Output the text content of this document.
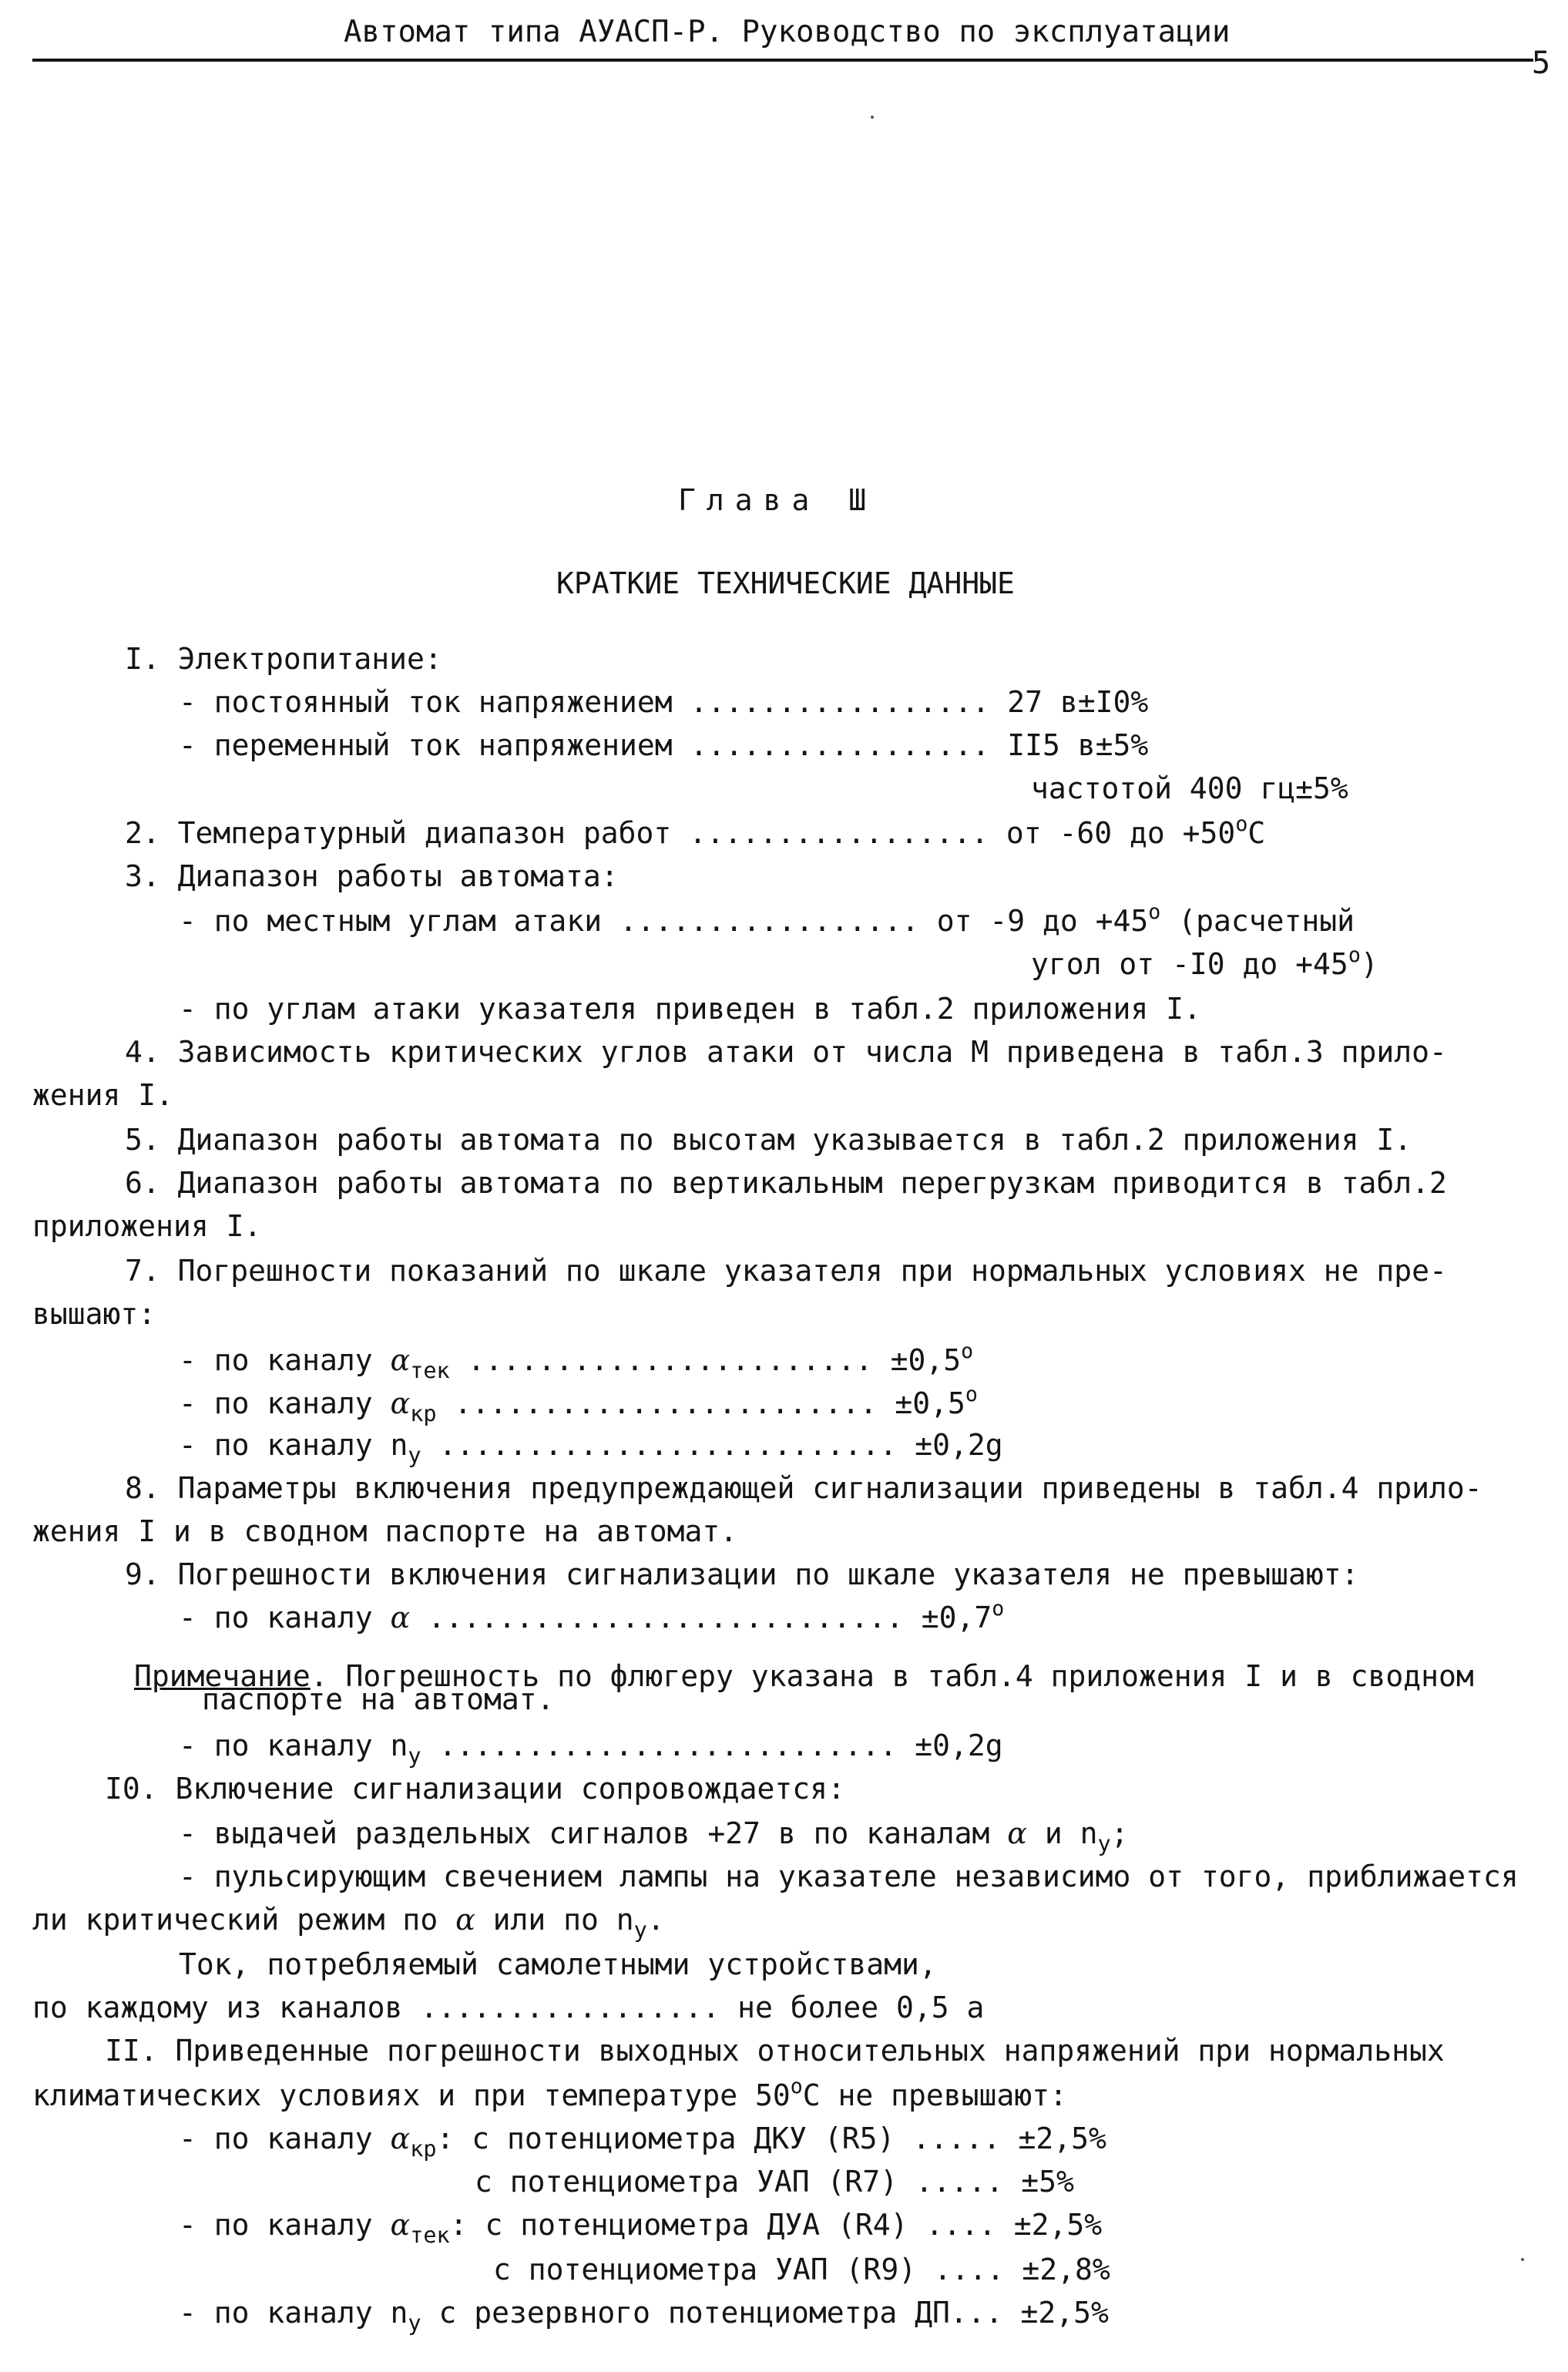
Автомат типа АУАСП-Р. Руководство по эксплуатации
5
Глава Ш
КРАТКИЕ ТЕХНИЧЕСКИЕ ДАННЫЕ
I. Электропитание:
- постоянный ток напряжением ................. 27 в±I0%
- переменный ток напряжением ................. II5 в±5%
частотой 400 гц±5%
2. Температурный диапазон работ ................. от -60 до $+50^oС$
3. Диапазон работы автомата:
- по местным углам атаки ................. от -9 до $+45^o$ (расчетный
угол от -I0 до $+45^o$)
- по углам атаки указателя приведен в табл.2 приложения I.
4. Зависимость критических углов атаки от числа М приведена в табл.3 прило-
жения I.
5. Диапазон работы автомата по высотам указывается в табл.2 приложения I.
6. Диапазон работы автомата по вертикальным перегрузкам приводится в табл.2
приложения I.
7. Погрешности показаний по шкале указателя при нормальных условиях не пре-
вышают:
- по каналу $\alpha_{тек}$ ....................... $\pm 0,5^o$
- по каналу $\alpha_{кр}$ ........................ $\pm 0,5^o$
- по каналу $n_у$ .......................... ±0,2g
8. Параметры включения предупреждающей сигнализации приведены в табл.4 прило-
жения I и в сводном паспорте на автомат.
9. Погрешности включения сигнализации по шкале указателя не превышают:
- по каналу α ........................... $\pm 0,7^o$
Примечание. Погрешность по флюгеру указана в табл.4 приложения I и в сводном
паспорте на автомат.
- по каналу $n_у$ .......................... ±0,2g
I0. Включение сигнализации сопровождается:
- выдачей раздельных сигналов +27 в по каналам α и $n_у$;
- пульсирующим свечением лампы на указателе независимо от того, приближается
ли критический режим по α или по $n_у$.
Ток, потребляемый самолетными устройствами,
по каждому из каналов ................. не более 0,5 а
II. Приведенные погрешности выходных относительных напряжений при нормальных
климатических условиях и при температуре 50$^o$С не превышают:
- по каналу $\alpha_{кр}$: с потенциометра ДКУ (R5) ..... ±2,5%
с потенциометра УАП (R7) ..... ±5%
- по каналу $\alpha_{тек}$: с потенциометра ДУА (R4) .... ±2,5%
с потенциометра УАП (R9) .... ±2,8%
- по каналу $n_у$ с резервного потенциометра ДП... ±2,5%
